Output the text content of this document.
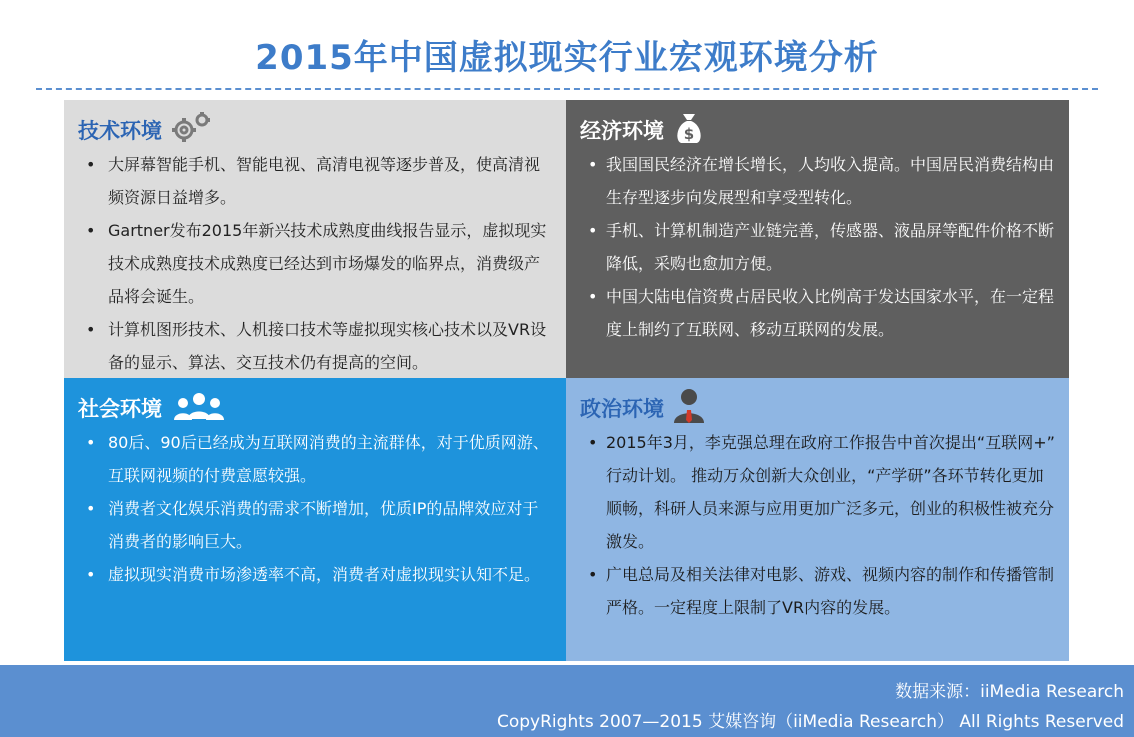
2015年中国虚拟现实行业宏观环境分析
技术环境
• 大屏幕智能手机、智能电视、高清电视等逐步普及，使高清视频资源日益增多。
• Gartner发布2015年新兴技术成熟度曲线报告显示，虚拟现实技术成熟度技术成熟度已经达到市场爆发的临界点，消费级产品将会诞生。
• 计算机图形技术、人机接口技术等虚拟现实核心技术以及VR设备的显示、算法、交互技术仍有提高的空间。
经济环境 $
• 我国国民经济在增长增长，人均收入提高。中国居民消费结构由生存型逐步向发展型和享受型转化。
• 手机、计算机制造产业链完善，传感器、液晶屏等配件价格不断降低，采购也愈加方便。
• 中国大陆电信资费占居民收入比例高于发达国家水平，在一定程度上制约了互联网、移动互联网的发展。
社会环境
• 80后、90后已经成为互联网消费的主流群体，对于优质网游、互联网视频的付费意愿较强。
• 消费者文化娱乐消费的需求不断增加，优质IP的品牌效应对于消费者的影响巨大。
• 虚拟现实消费市场渗透率不高，消费者对虚拟现实认知不足。
政治环境
• 2015年3月，李克强总理在政府工作报告中首次提出“互联网+” 行动计划。 推动万众创新大众创业，“产学研”各环节转化更加顺畅，科研人员来源与应用更加广泛多元，创业的积极性被充分激发。
• 广电总局及相关法律对电影、游戏、视频内容的制作和传播管制严格。一定程度上限制了VR内容的发展。
数据来源：iiMedia Research
CopyRights 2007—2015 艾媒咨询（iiMedia Research） All Rights Reserved
